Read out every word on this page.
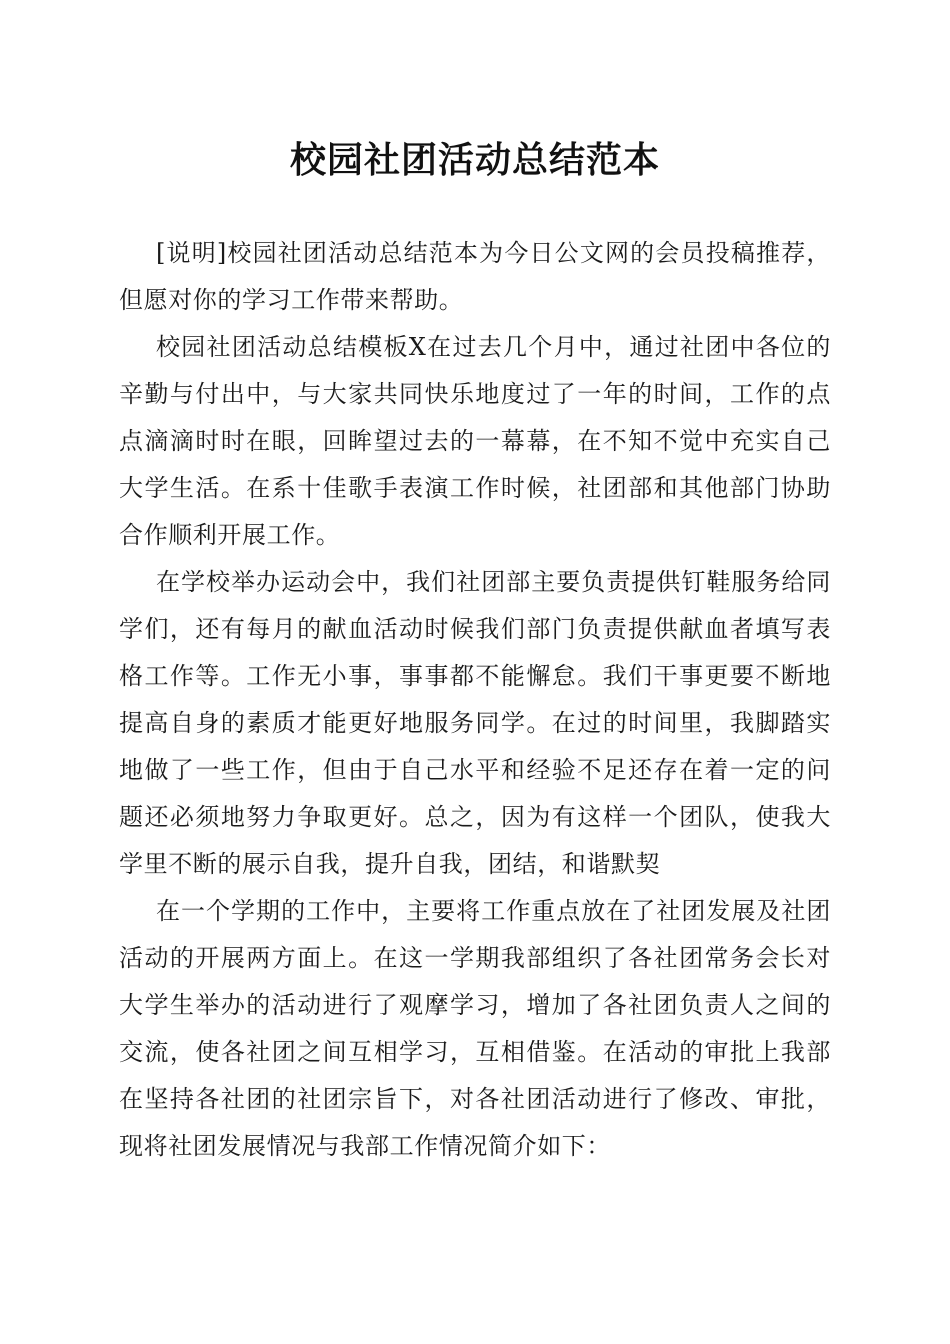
校园社团活动总结范本

[说明]校园社团活动总结范本为今日公文网的会员投稿推荐，但愿对你的学习工作带来帮助。

校园社团活动总结模板X在过去几个月中，通过社团中各位的辛勤与付出中，与大家共同快乐地度过了一年的时间，工作的点点滴滴时时在眼，回眸望过去的一幕幕，在不知不觉中充实自己大学生活。在系十佳歌手表演工作时候，社团部和其他部门协助合作顺利开展工作。

在学校举办运动会中，我们社团部主要负责提供钉鞋服务给同学们，还有每月的献血活动时候我们部门负责提供献血者填写表格工作等。工作无小事，事事都不能懈怠。我们干事更要不断地提高自身的素质才能更好地服务同学。在过的时间里，我脚踏实地做了一些工作，但由于自己水平和经验不足还存在着一定的问题还必须地努力争取更好。总之，因为有这样一个团队，使我大学里不断的展示自我，提升自我，团结，和谐默契

在一个学期的工作中，主要将工作重点放在了社团发展及社团活动的开展两方面上。在这一学期我部组织了各社团常务会长对大学生举办的活动进行了观摩学习，增加了各社团负责人之间的交流，使各社团之间互相学习，互相借鉴。在活动的审批上我部在坚持各社团的社团宗旨下，对各社团活动进行了修改、审批，现将社团发展情况与我部工作情况简介如下：
